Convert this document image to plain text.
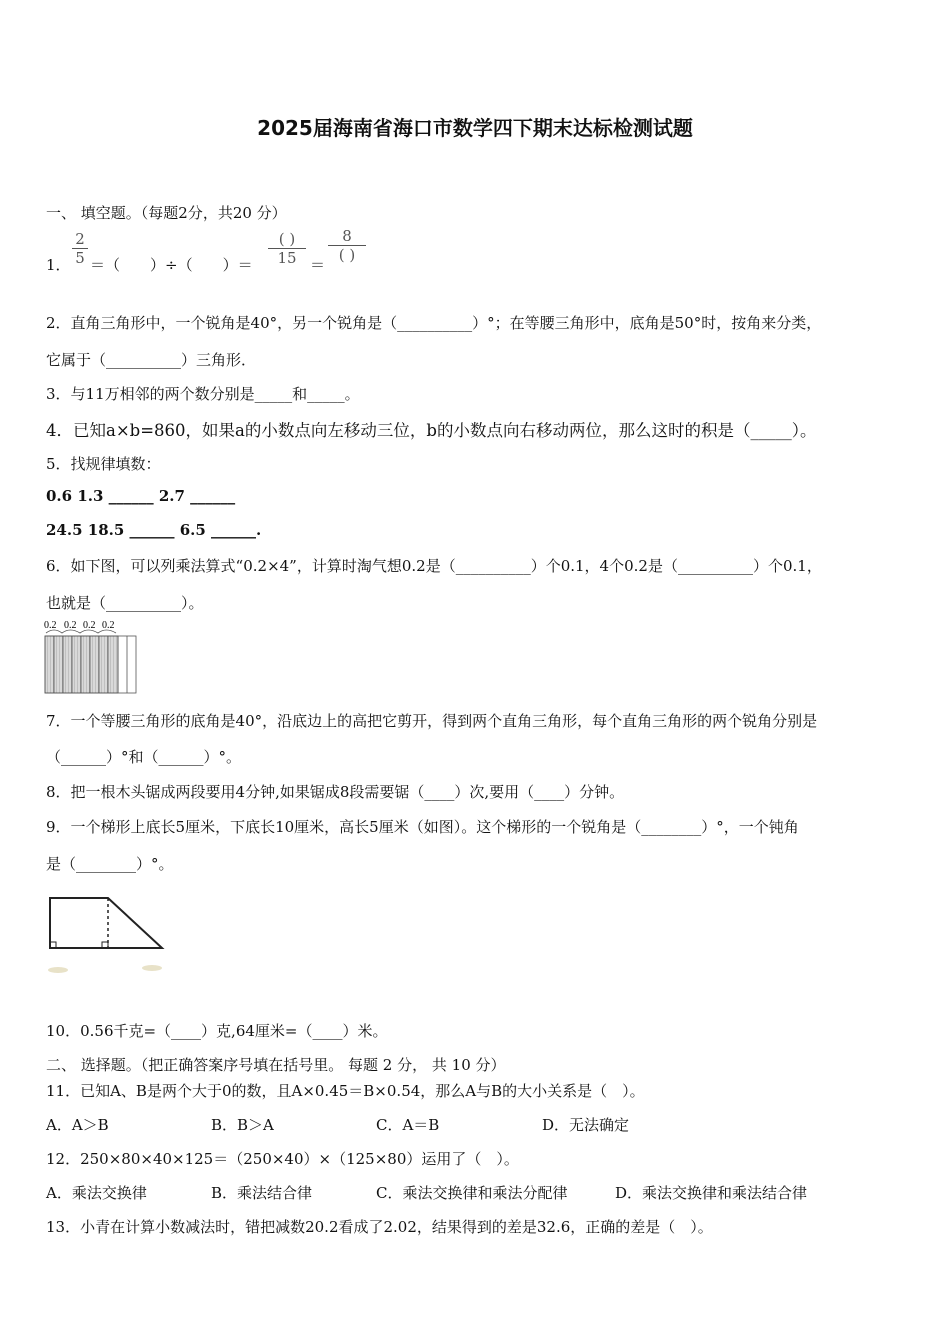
2025届海南省海口市数学四下期末达标检测试题
一、 填空题。（每题2分，共20 分）
1． $\frac{2}{5}$ ＝（　　）÷（　　）＝
( )
15 ＝
8
( )
2．直角三角形中，一个锐角是40°，另一个锐角是（__________）°；在等腰三角形中，底角是50°时，按角来分类，
它属于（__________）三角形．
3．与11万相邻的两个数分别是_____和_____。
4．已知a×b=860，如果a的小数点向左移动三位，b的小数点向右移动两位，那么这时的积是（_____）。
5．找规律填数：
0.6 1.3 ______ 2.7 ______
24.5 18.5 ______ 6.5 ______.
6．如下图，可以列乘法算式“0.2×4”，计算时淘气想0.2是（__________）个0.1，4个0.2是（__________）个0.1，
也就是（__________）。
0.2 0.2 0.2 0.2
7．一个等腰三角形的底角是40°，沿底边上的高把它剪开，得到两个直角三角形，每个直角三角形的两个锐角分别是
（______）°和（______）°。
8．把一根木头锯成两段要用4分钟,如果锯成8段需要锯（____）次,要用（____）分钟。
9．一个梯形上底长5厘米，下底长10厘米，高长5厘米（如图）。这个梯形的一个锐角是（________）°，一个钝角
是（________）°。
10．0.56千克=（____）克,64厘米=（____）米。
二、 选择题。（把正确答案序号填在括号里。 每题 2 分， 共 10 分）
11．已知A、B是两个大于0的数，且A×0.45＝B×0.54，那么A与B的大小关系是（　）。
A．A＞B	B．B＞A	C．A＝B	D．无法确定
12．250×80×40×125＝（250×40）×（125×80）运用了（　）。
A．乘法交换律	B．乘法结合律	C．乘法交换律和乘法分配律	D．乘法交换律和乘法结合律
13．小青在计算小数减法时，错把减数20.2看成了2.02，结果得到的差是32.6，正确的差是（　）。
